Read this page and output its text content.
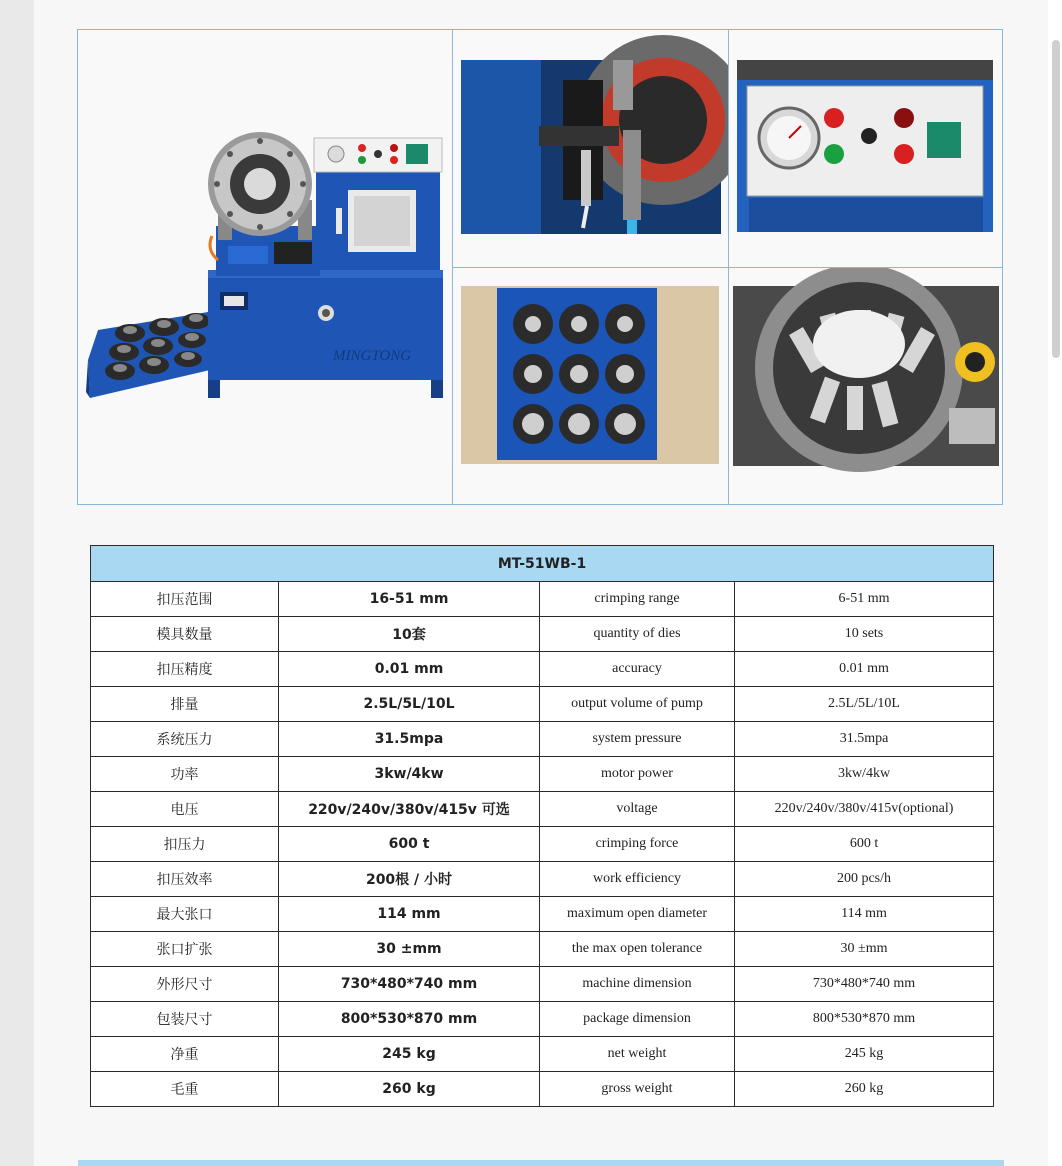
MINGTONG
MT-51WB-1			
扣压范围	16-51 mm	crimping range	6-51 mm
模具数量	10套	quantity of dies	10 sets
扣压精度	0.01 mm	accuracy	0.01 mm
排量	2.5L/5L/10L	output volume of pump	2.5L/5L/10L
系统压力	31.5mpa	system pressure	31.5mpa
功率	3kw/4kw	motor power	3kw/4kw
电压	220v/240v/380v/415v 可选	voltage	220v/240v/380v/415v(optional)
扣压力	600 t	crimping force	600 t
扣压效率	200根 / 小时	work efficiency	200 pcs/h
最大张口	114 mm	maximum open diameter	114 mm
张口扩张	30 ±mm	the max open tolerance	30 ±mm
外形尺寸	730*480*740 mm	machine dimension	730*480*740 mm
包装尺寸	800*530*870 mm	package dimension	800*530*870 mm
净重	245 kg	net weight	245 kg
毛重	260 kg	gross weight	260 kg
